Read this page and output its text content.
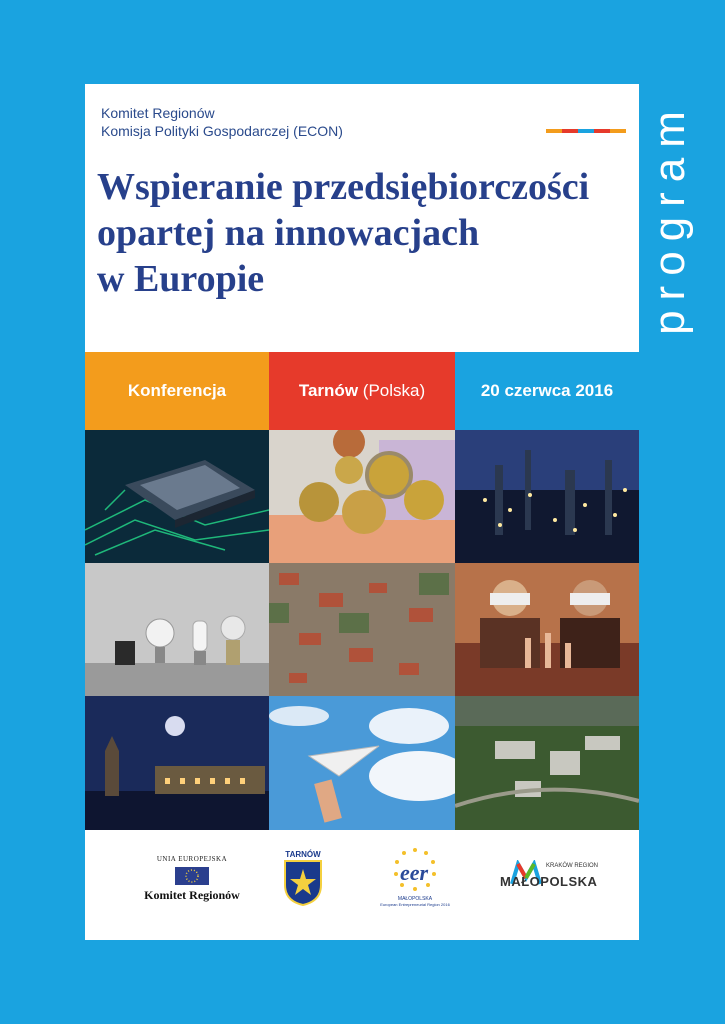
program
Komitet Regionów
Komisja Polityki Gospodarczej (ECON)
Wspieranie przedsiębiorczości
opartej na innowacjach
w Europie
Konferencja	Tarnów
(Polska)	20 czerwca 2016
UNIA EUROPEJSKA
Komitet Regionów
TARNÓW
eer
MAŁOPOLSKA
European Entrepreneurial Region 2016
KRAKÓW REGION
MAŁOPOLSKA
